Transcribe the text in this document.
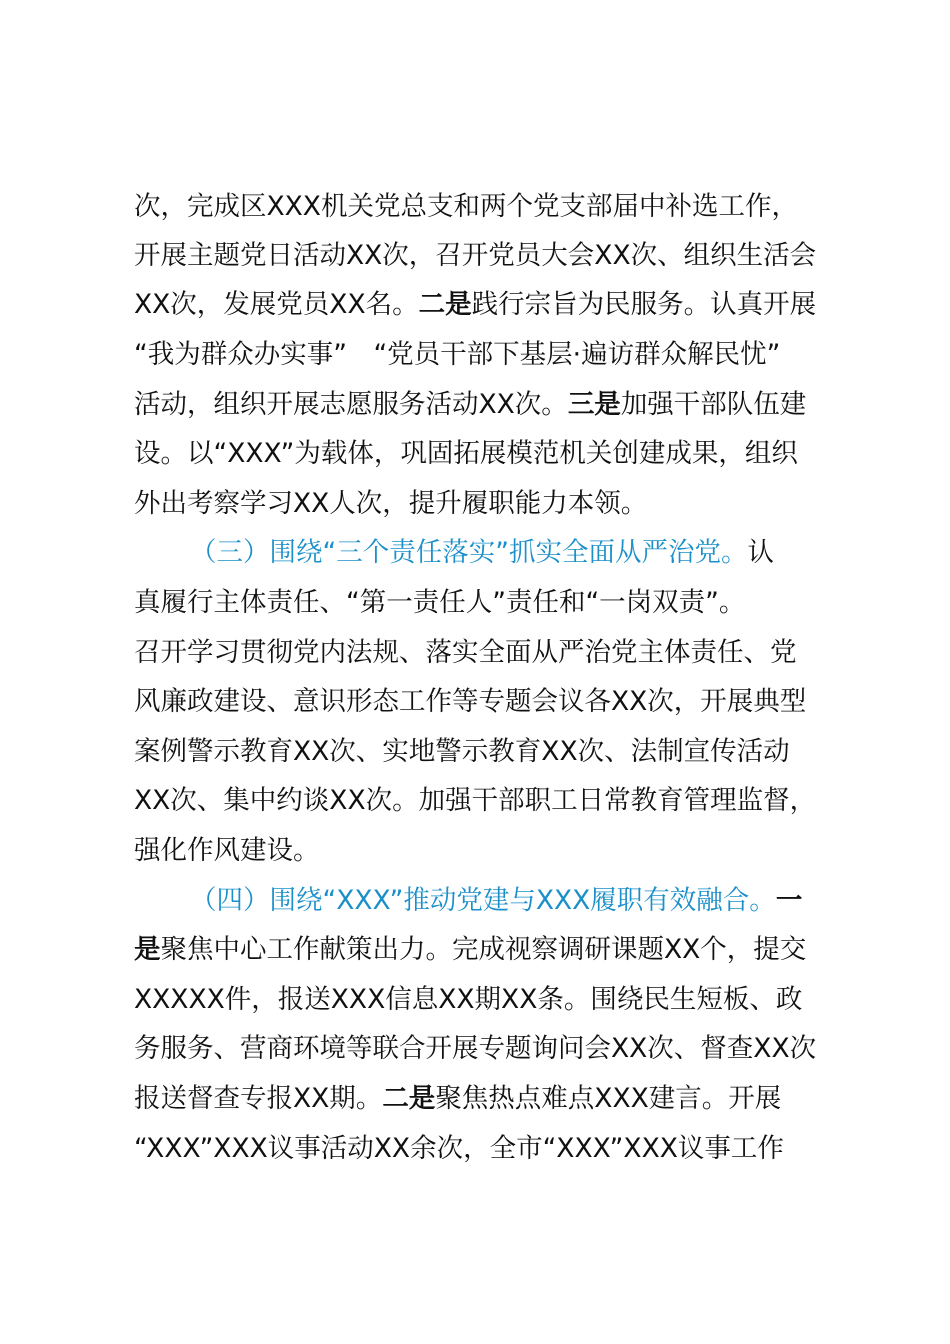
次，完成区XXX机关党总支和两个党支部届中补选工作，
开展主题党日活动XX次，召开党员大会XX次、组织生活会
XX次，发展党员XX名。二是践行宗旨为民服务。认真开展
“我为群众办实事”　“党员干部下基层·遍访群众解民忧”
活动，组织开展志愿服务活动XX次。三是加强干部队伍建
设。以“XXX”为载体，巩固拓展模范机关创建成果，组织
外出考察学习XX人次，提升履职能力本领。
（三）围绕“三个责任落实”抓实全面从严治党。认
真履行主体责任、“第一责任人”责任和“一岗双责”。
召开学习贯彻党内法规、落实全面从严治党主体责任、党
风廉政建设、意识形态工作等专题会议各XX次，开展典型
案例警示教育XX次、实地警示教育XX次、法制宣传活动
XX次、集中约谈XX次。加强干部职工日常教育管理监督，
强化作风建设。
（四）围绕“XXX”推动党建与XXX履职有效融合。一
是聚焦中心工作献策出力。完成视察调研课题XX个，提交
XXXXX件，报送XXX信息XX期XX条。围绕民生短板、政
务服务、营商环境等联合开展专题询问会XX次、督查XX次
报送督查专报XX期。二是聚焦热点难点XXX建言。开展
“XXX”XXX议事活动XX余次，全市“XXX”XXX议事工作
